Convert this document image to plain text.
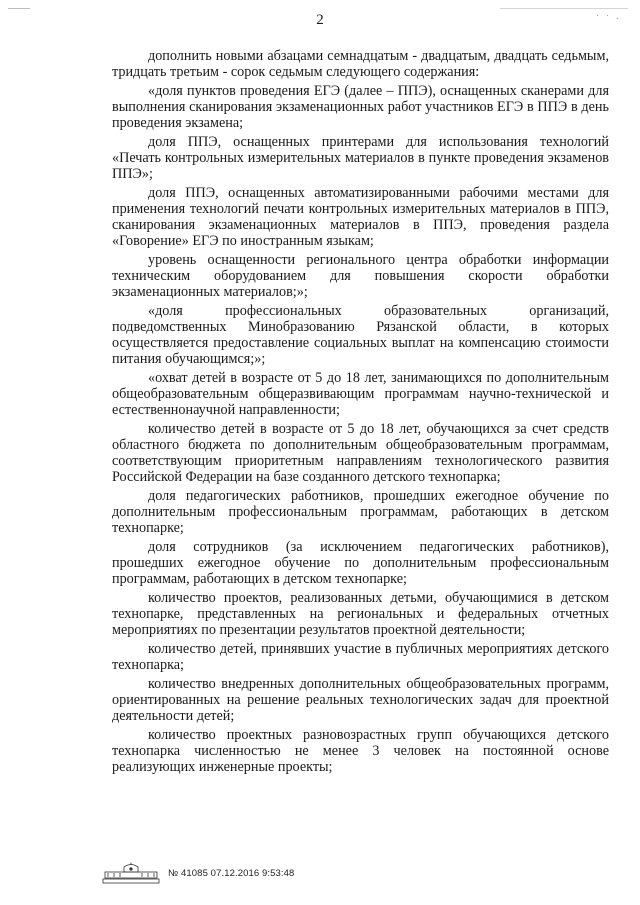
˙ ˙ ·
2

дополнить новыми абзацами семнадцатым - двадцатым, двадцать седьмым, тридцать третьим - сорок седьмым следующего содержания:

«доля пунктов проведения ЕГЭ (далее – ППЭ), оснащенных сканерами для выполнения сканирования экзаменационных работ участников ЕГЭ в ППЭ в день проведения экзамена;

доля ППЭ, оснащенных принтерами для использования технологий «Печать контрольных измерительных материалов в пункте проведения экзаменов ППЭ»;

доля ППЭ, оснащенных автоматизированными рабочими местами для применения технологий печати контрольных измерительных материалов в ППЭ, сканирования экзаменационных материалов в ППЭ, проведения раздела «Говорение» ЕГЭ по иностранным языкам;

уровень оснащенности регионального центра обработки информации техническим оборудованием для повышения скорости обработки экзаменационных материалов;»;

«доля профессиональных образовательных организаций, подведомственных Минобразованию Рязанской области, в которых осуществляется предоставление социальных выплат на компенсацию стоимости питания обучающимся;»;

«охват детей в возрасте от 5 до 18 лет, занимающихся по дополнительным общеобразовательным общеразвивающим программам научно-технической и естественнонаучной направленности;

количество детей в возрасте от 5 до 18 лет, обучающихся за счет средств областного бюджета по дополнительным общеобразовательным программам, соответствующим приоритетным направлениям технологического развития Российской Федерации на базе созданного детского технопарка;

доля педагогических работников, прошедших ежегодное обучение по дополнительным профессиональным программам, работающих в детском технопарке;

доля сотрудников (за исключением педагогических работников), прошедших ежегодное обучение по дополнительным профессиональным программам, работающих в детском технопарке;

количество проектов, реализованных детьми, обучающимися в детском технопарке, представленных на региональных и федеральных отчетных мероприятиях по презентации результатов проектной деятельности;

количество детей, принявших участие в публичных мероприятиях детского технопарка;

количество внедренных дополнительных общеобразовательных программ, ориентированных на решение реальных технологических задач для проектной деятельности детей;

количество проектных разновозрастных групп обучающихся детского технопарка численностью не менее 3 человек на постоянной основе реализующих инженерные проекты;

№ 41085 07.12.2016 9:53:48
